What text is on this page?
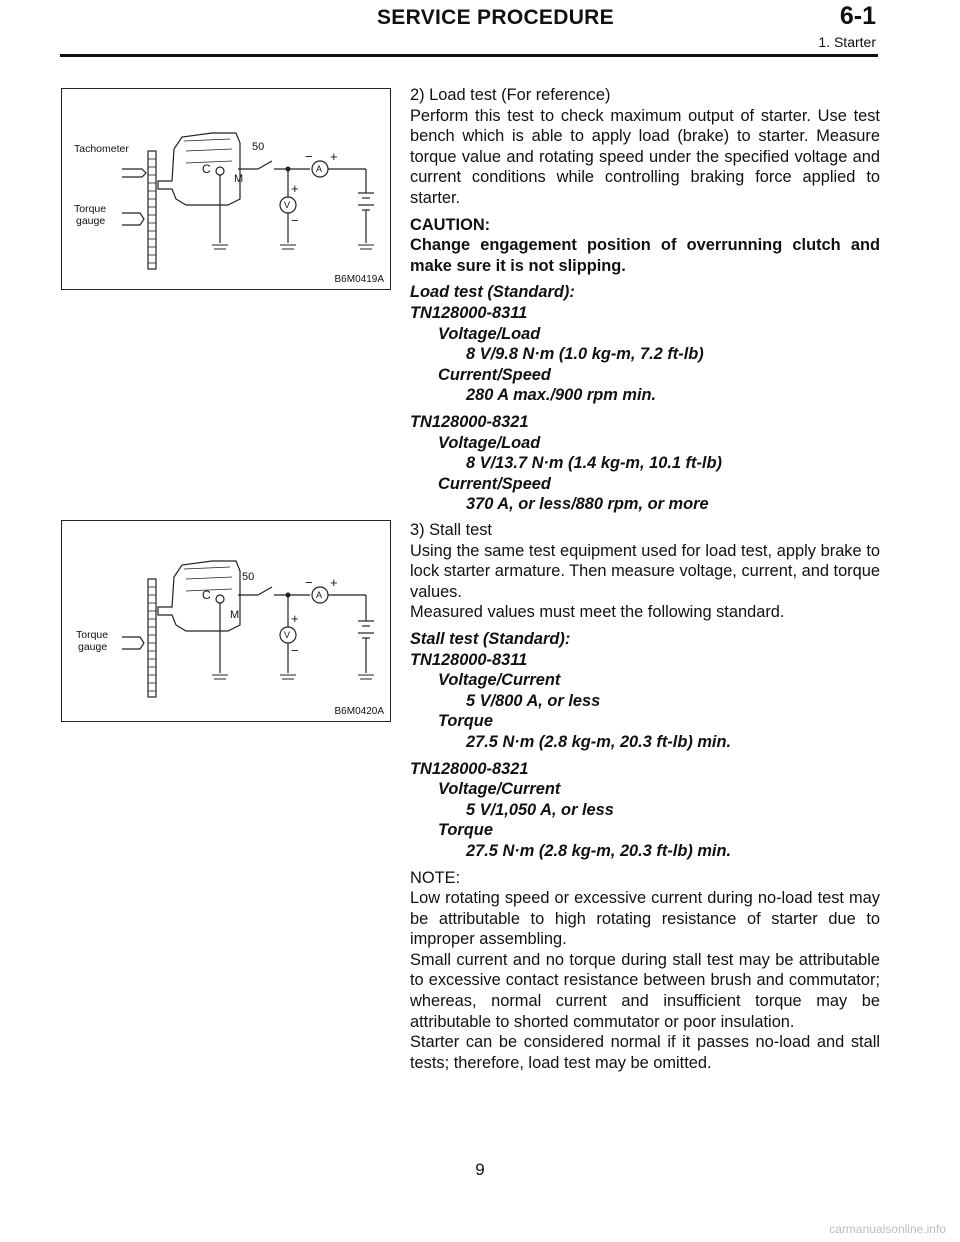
SERVICE PROCEDURE	6-1
1. Starter
Tachometer
Torque
gauge
50
C
M
A
V
− +
+
−
B6M0419A
Torque
gauge
50
C
M
A
V
− +
+
−
B6M0420A

2) Load test (For reference)

Perform this test to check maximum output of starter. Use test bench which is able to apply load (brake) to starter. Measure torque value and rotating speed under the specified voltage and current conditions while controlling braking force applied to starter.

CAUTION:

Change engagement position of overrunning clutch and make sure it is not slipping.

Load test (Standard):

TN128000-8311

Voltage/Load

8 V/9.8 N·m (1.0 kg-m, 7.2 ft-lb)

Current/Speed

280 A max./900 rpm min.

TN128000-8321

Voltage/Load

8 V/13.7 N·m (1.4 kg-m, 10.1 ft-lb)

Current/Speed

370 A, or less/880 rpm, or more

3) Stall test

Using the same test equipment used for load test, apply brake to lock starter armature. Then measure voltage, current, and torque values.

Measured values must meet the following standard.

Stall test (Standard):

TN128000-8311

Voltage/Current

5 V/800 A, or less

Torque

27.5 N·m (2.8 kg-m, 20.3 ft-lb) min.

TN128000-8321

Voltage/Current

5 V/1,050 A, or less

Torque

27.5 N·m (2.8 kg-m, 20.3 ft-lb) min.

NOTE:

Low rotating speed or excessive current during no-load test may be attributable to high rotating resistance of starter due to improper assembling.

Small current and no torque during stall test may be attributable to excessive contact resistance between brush and commutator; whereas, normal current and insufficient torque may be attributable to shorted commutator or poor insulation.

Starter can be considered normal if it passes no-load and stall tests; therefore, load test may be omitted.

9
carmanualsonline.info
